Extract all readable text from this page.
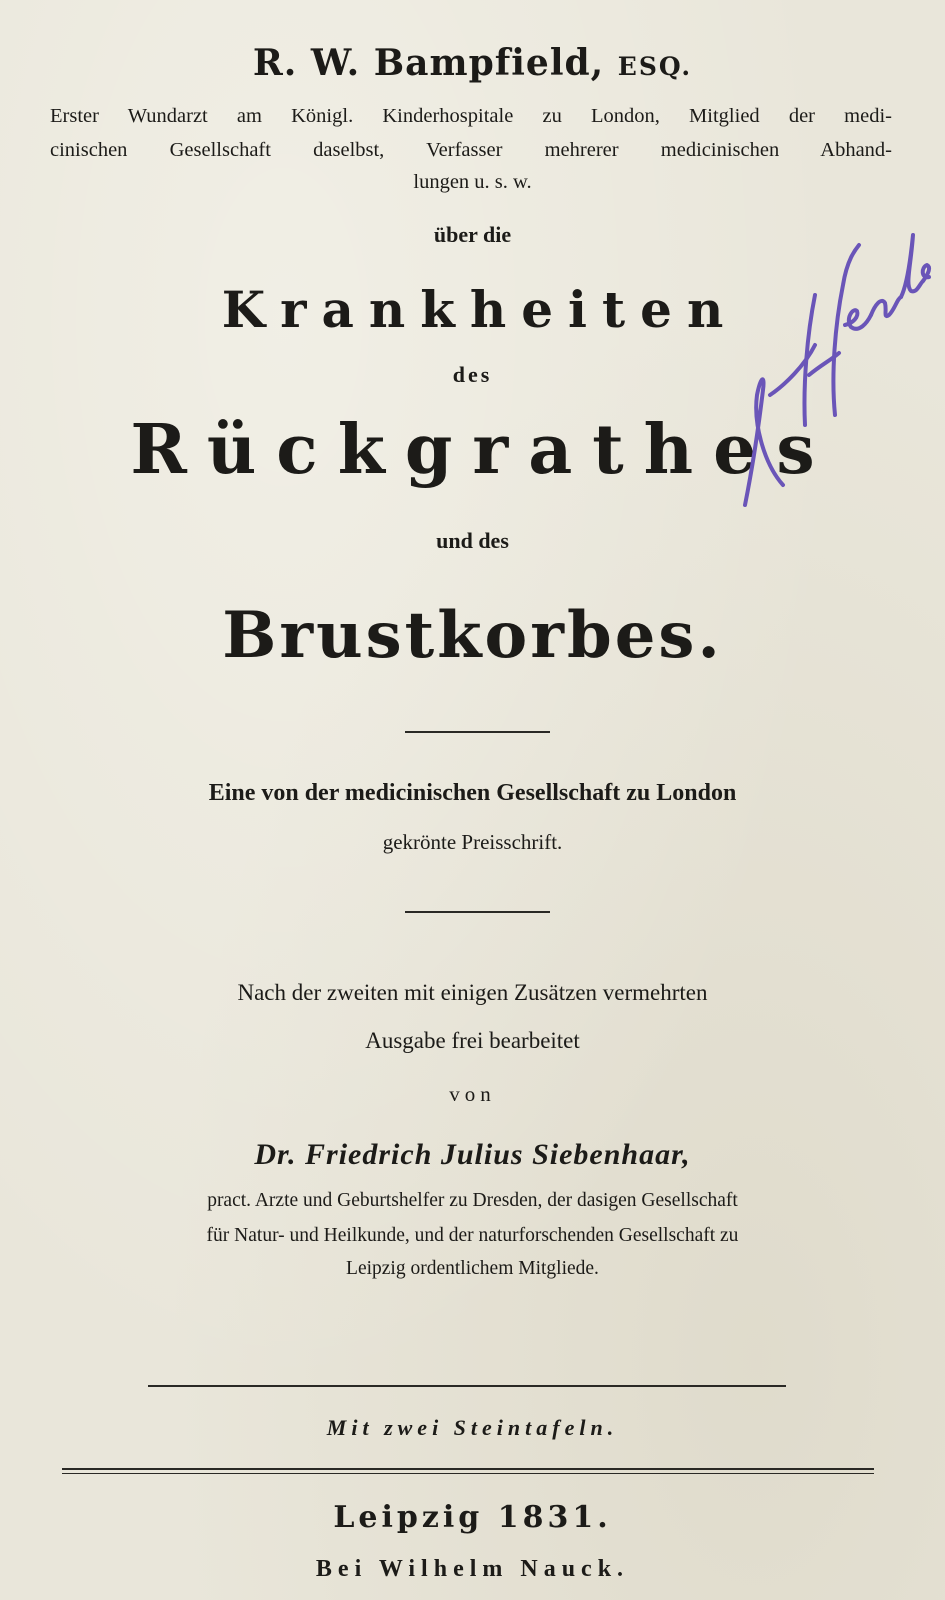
R. W. Bampfield, ESQ.

Erster Wundarzt am Königl. Kinderhospitale zu London, Mitglied der medi-

cinischen Gesellschaft daselbst, Verfasser mehrerer medicinischen Abhand-

lungen u. s. w.

über die

Krankheiten

des

Rückgrathes

und des

Brustkorbes.

Eine von der medicinischen Gesellschaft zu London

gekrönte Preisschrift.

Nach der zweiten mit einigen Zusätzen vermehrten

Ausgabe frei bearbeitet

von

Dr. Friedrich Julius Siebenhaar,

pract. Arzte und Geburtshelfer zu Dresden, der dasigen Gesellschaft

für Natur- und Heilkunde, und der naturforschenden Gesellschaft zu

Leipzig ordentlichem Mitgliede.

Mit zwei Steintafeln.

Leipzig 1831.

Bei Wilhelm Nauck.
